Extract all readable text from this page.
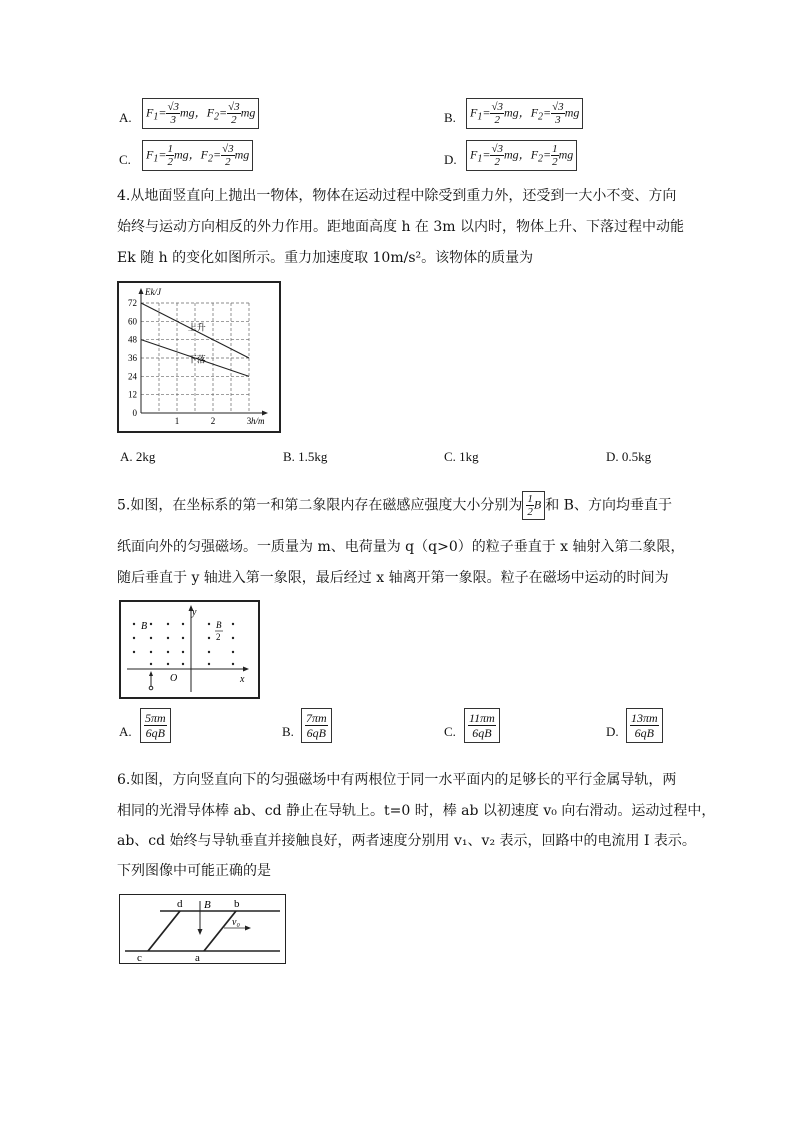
A.	$F_1= \frac{√3}{3}$ mg，$F_2= \frac{√3}{2}$ mg	B.	$F_1= \frac{√3}{2}$ mg，$F_2= \frac{√3}{3}$ mg
C.	$F_1= \frac{1}{2}$ mg，$F_2= \frac{√3}{2}$ mg	D.	$F_1= \frac{√3}{2}$ mg，$F_2= \frac{1}{2}$ mg
4.从地面竖直向上抛出一物体，物体在运动过程中除受到重力外，还受到一大小不变、方向
始终与运动方向相反的外力作用。距地面高度 h 在 3m 以内时，物体上升、下落过程中动能
Ek 随 h 的变化如图所示。重力加速度取 10m/s²。该物体的质量为
72
60
48
36
24
12
0
1	2	3
Ek/J
h/m
上升
下落
A. 2kg	B. 1.5kg	C. 1kg	D. 0.5kg
5.如图，在坐标系的第一和第二象限内存在磁感应强度大小分别为 $\frac{1}{2}$ B 和 B、方向均垂直于
纸面向外的匀强磁场。一质量为 m、电荷量为 q（q>0）的粒子垂直于 x 轴射入第二象限，
随后垂直于 y 轴进入第一象限，最后经过 x 轴离开第一象限。粒子在磁场中运动的时间为
B	B
2
y
x
O
A. $\frac{5\pi m}{6qB}$	B. $\frac{7\pi m}{6qB}$	C. $\frac{11\pi m}{6qB}$	D. $\frac{13\pi m}{6qB}$
6.如图，方向竖直向下的匀强磁场中有两根位于同一水平面内的足够长的平行金属导轨，两
相同的光滑导体棒 ab、cd 静止在导轨上。t=0 时，棒 ab 以初速度 v₀ 向右滑动。运动过程中，
ab、cd 始终与导轨垂直并接触良好，两者速度分别用 v₁、v₂ 表示，回路中的电流用 I 表示。
下列图像中可能正确的是
d	b
c	a
B
v₀
